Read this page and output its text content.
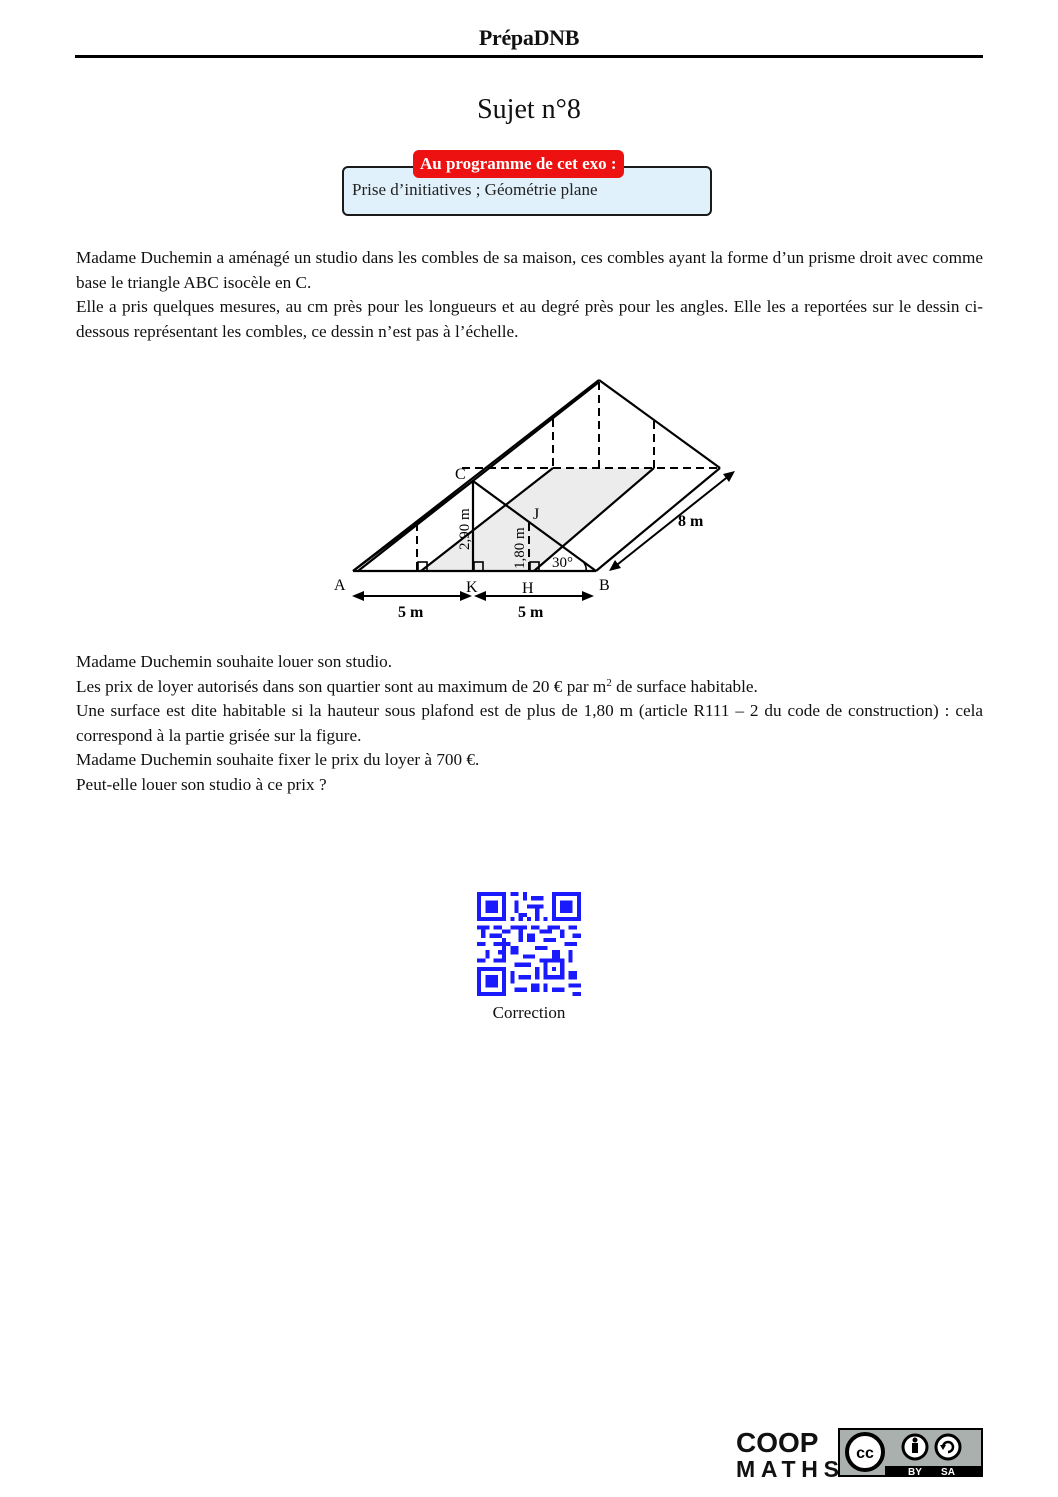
PrépaDNB
Sujet n°8
Au programme de cet exo :
Prise d’initiatives ; Géométrie plane

Madame Duchemin a aménagé un studio dans les combles de sa maison, ces combles ayant la forme d’un prisme droit avec comme base le triangle ABC isocèle en C.

Elle a pris quelques mesures, au cm près pour les longueurs et au degré près pour les angles. Elle les a reportées sur le dessin ci-dessous représentant les combles, ce dessin n’est pas à l’échelle.

A	B
C
K	H
J
30°
8 m
5 m	5 m
2,90 m	1,80 m

Madame Duchemin souhaite louer son studio.

Les prix de loyer autorisés dans son quartier sont au maximum de 20 € par $m^2$ de surface habitable.

Une surface est dite habitable si la hauteur sous plafond est de plus de 1,80 m (article R111 – 2 du code de construction) : cela correspond à la partie grisée sur la figure.

Madame Duchemin souhaite fixer le prix du loyer à 700 €.

Peut-elle louer son studio à ce prix ?

Correction
COOP
MATHS
cc
BY SA
